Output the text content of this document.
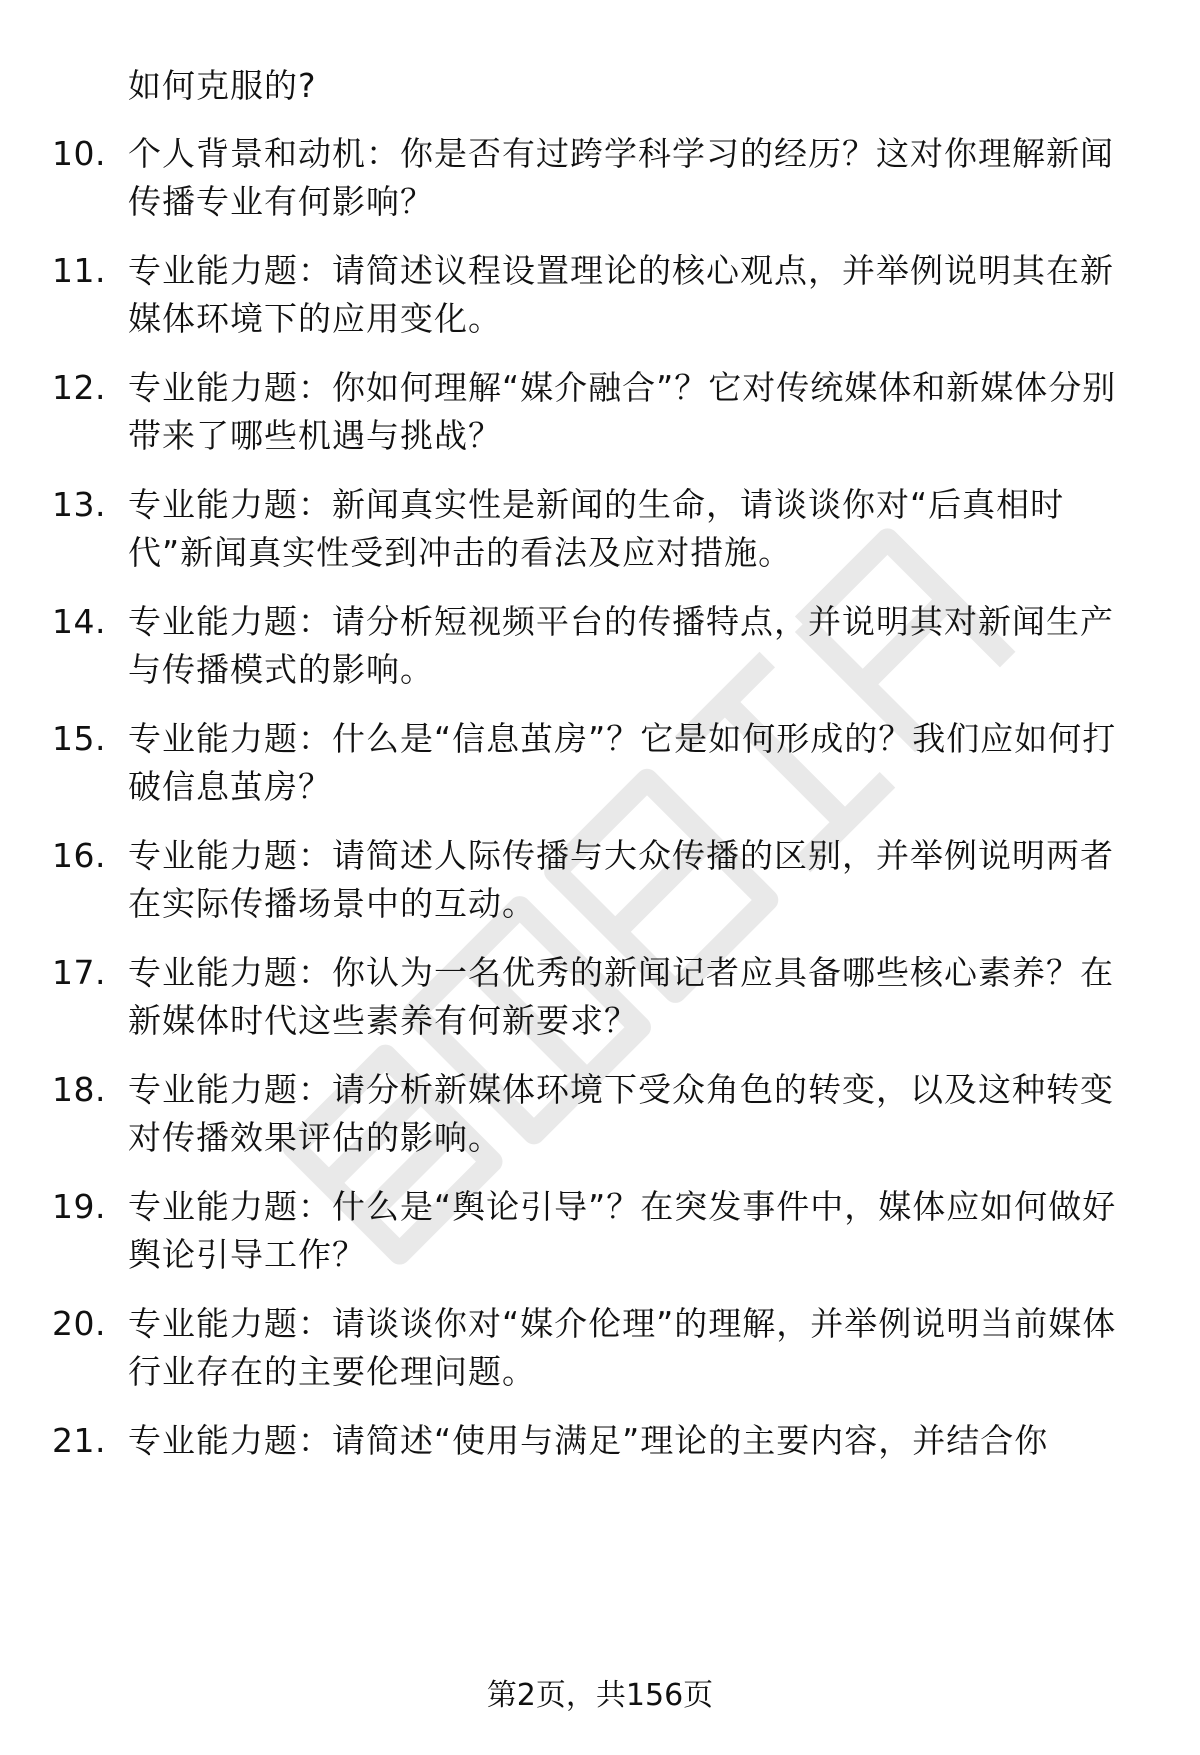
如何克服的?
10. 个人背景和动机：你是否有过跨学科学习的经历？这对你理解新闻传播专业有何影响？
11. 专业能力题：请简述议程设置理论的核心观点，并举例说明其在新媒体环境下的应用变化。
12. 专业能力题：你如何理解“媒介融合”？它对传统媒体和新媒体分别带来了哪些机遇与挑战？
13. 专业能力题：新闻真实性是新闻的生命，请谈谈你对“后真相时代”新闻真实性受到冲击的看法及应对措施。
14. 专业能力题：请分析短视频平台的传播特点，并说明其对新闻生产与传播模式的影响。
15. 专业能力题：什么是“信息茧房”？它是如何形成的？我们应如何打破信息茧房？
16. 专业能力题：请简述人际传播与大众传播的区别，并举例说明两者在实际传播场景中的互动。
17. 专业能力题：你认为一名优秀的新闻记者应具备哪些核心素养？在新媒体时代这些素养有何新要求？
18. 专业能力题：请分析新媒体环境下受众角色的转变，以及这种转变对传播效果评估的影响。
19. 专业能力题：什么是“舆论引导”？在突发事件中，媒体应如何做好舆论引导工作？
20. 专业能力题：请谈谈你对“媒介伦理”的理解，并举例说明当前媒体行业存在的主要伦理问题。
21. 专业能力题：请简述“使用与满足”理论的主要内容，并结合你
第2页，共156页
